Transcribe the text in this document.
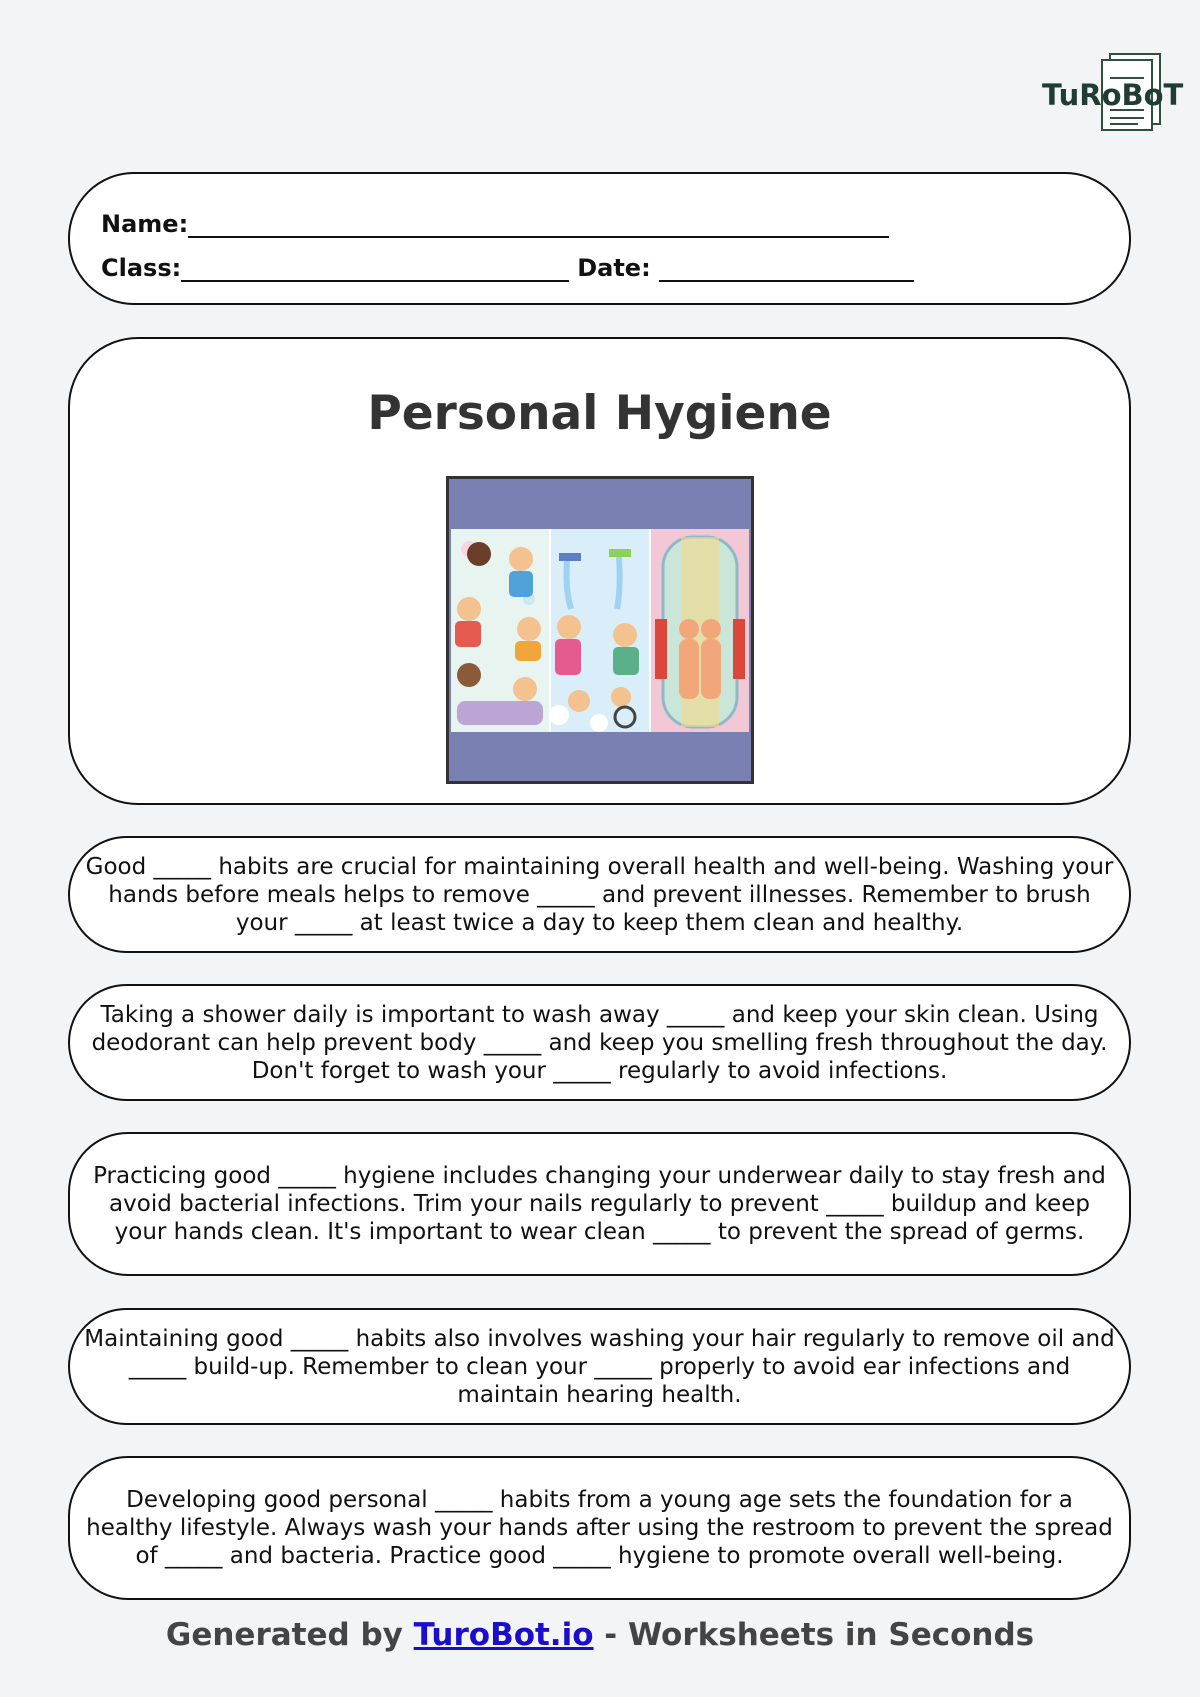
TuRoBoT
Name:
Class:	Date:
Personal Hygiene

Good _____ habits are crucial for maintaining overall health and well-being. Washing your hands before meals helps to remove _____ and prevent illnesses. Remember to brush your _____ at least twice a day to keep them clean and healthy.

Taking a shower daily is important to wash away _____ and keep your skin clean. Using deodorant can help prevent body _____ and keep you smelling fresh throughout the day. Don't forget to wash your _____ regularly to avoid infections.

Practicing good _____ hygiene includes changing your underwear daily to stay fresh and avoid bacterial infections. Trim your nails regularly to prevent _____ buildup and keep your hands clean. It's important to wear clean _____ to prevent the spread of germs.

Maintaining good _____ habits also involves washing your hair regularly to remove oil and _____ build-up. Remember to clean your _____ properly to avoid ear infections and maintain hearing health.

Developing good personal _____ habits from a young age sets the foundation for a healthy lifestyle. Always wash your hands after using the restroom to prevent the spread of _____ and bacteria. Practice good _____ hygiene to promote overall well-being.

Generated by TuroBot.io - Worksheets in Seconds
